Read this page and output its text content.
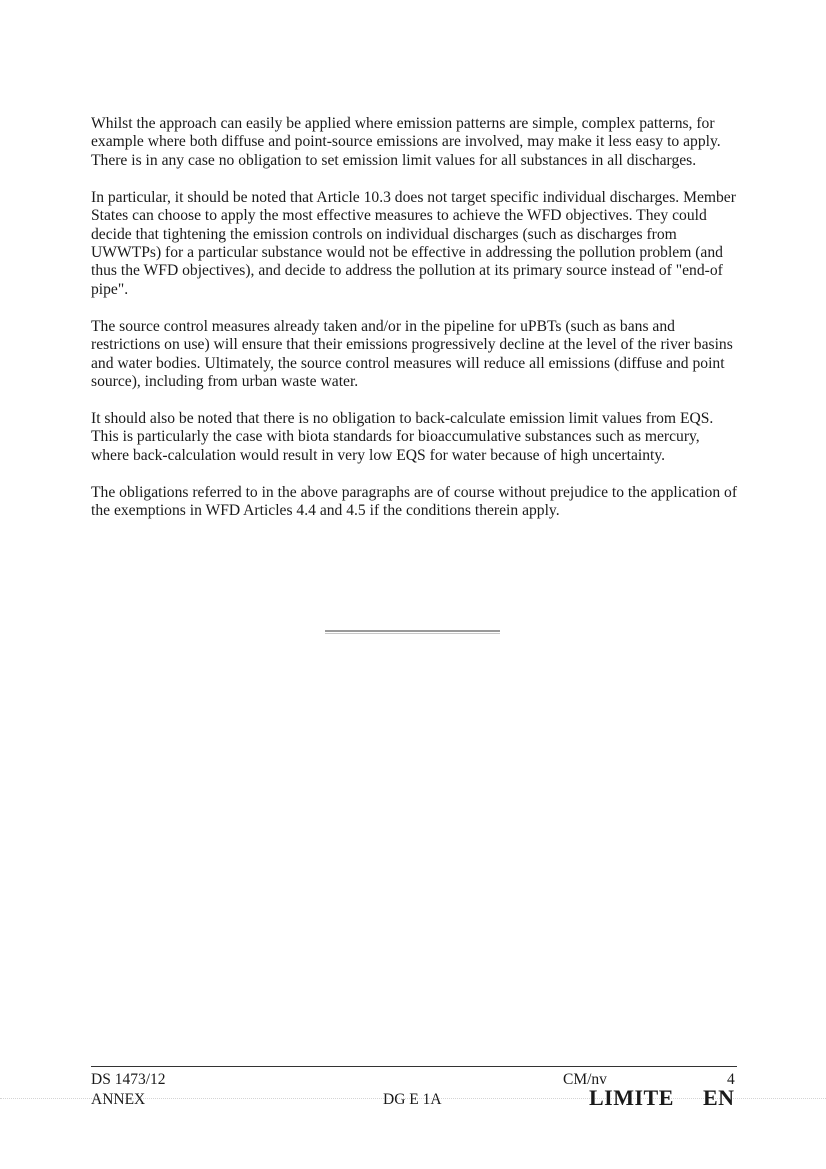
Whilst the approach can easily be applied where emission patterns are simple, complex patterns, for example where both diffuse and point-source emissions are involved, may make it less easy to apply. There is in any case no obligation to set emission limit values for all substances in all discharges.

In particular, it should be noted that Article 10.3 does not target specific individual discharges. Member States can choose to apply the most effective measures to achieve the WFD objectives. They could decide that tightening the emission controls on individual discharges (such as discharges from UWWTPs) for a particular substance would not be effective in addressing the pollution problem (and thus the WFD objectives), and decide to address the pollution at its primary source instead of "end-of pipe".

The source control measures already taken and/or in the pipeline for uPBTs (such as bans and restrictions on use) will ensure that their emissions progressively decline at the level of the river basins and water bodies. Ultimately, the source control measures will reduce all emissions (diffuse and point source), including from urban waste water.

It should also be noted that there is no obligation to back-calculate emission limit values from EQS. This is particularly the case with biota standards for bioaccumulative substances such as mercury, where back-calculation would result in very low EQS for water because of high uncertainty.

The obligations referred to in the above paragraphs are of course without prejudice to the application of the exemptions in WFD Articles 4.4 and 4.5 if the conditions therein apply.

DS 1473/12
ANNEX
CM/nv	4
DG E 1A	LIMITE EN
